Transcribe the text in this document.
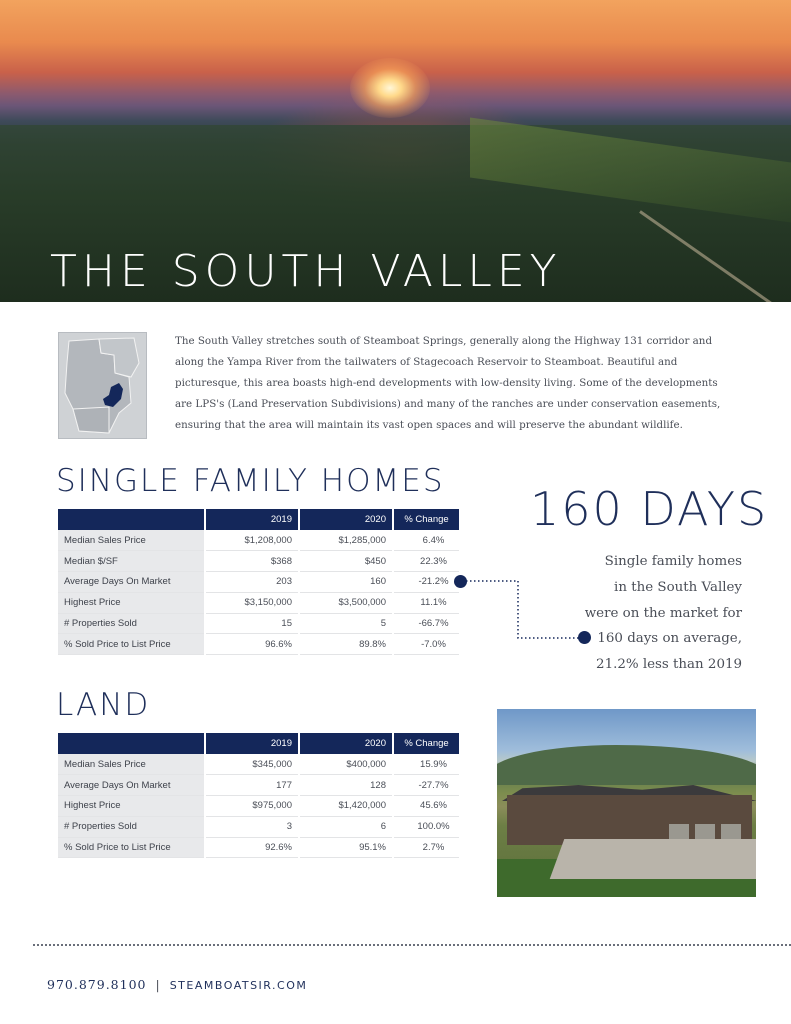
THE SOUTH VALLEY
The South Valley stretches south of Steamboat Springs, generally along the Highway 131 corridor and along the Yampa River from the tailwaters of Stagecoach Reservoir to Steamboat. Beautiful and picturesque, this area boasts high-end developments with low-density living. Some of the developments are LPS's (Land Preservation Subdivisions) and many of the ranches are under conservation easements, ensuring that the area will maintain its vast open spaces and will preserve the abundant wildlife.
SINGLE FAMILY HOMES
	2019	2020	% Change
Median Sales Price	$1,208,000	$1,285,000	6.4%
Median $/SF	$368	$450	22.3%
Average Days On Market	203	160	-21.2%
Highest Price	$3,150,000	$3,500,000	11.1%
# Properties Sold	15	5	-66.7%
% Sold Price to List Price	96.6%	89.8%	-7.0%
160 DAYS
Single family homes
in the South Valley
were on the market for
160 days on average,
21.2% less than 2019
LAND
	2019	2020	% Change
Median Sales Price	$345,000	$400,000	15.9%
Average Days On Market	177	128	-27.7%
Highest Price	$975,000	$1,420,000	45.6%
# Properties Sold	3	6	100.0%
% Sold Price to List Price	92.6%	95.1%	2.7%
970.879.8100 | STEAMBOATSIR.COM
